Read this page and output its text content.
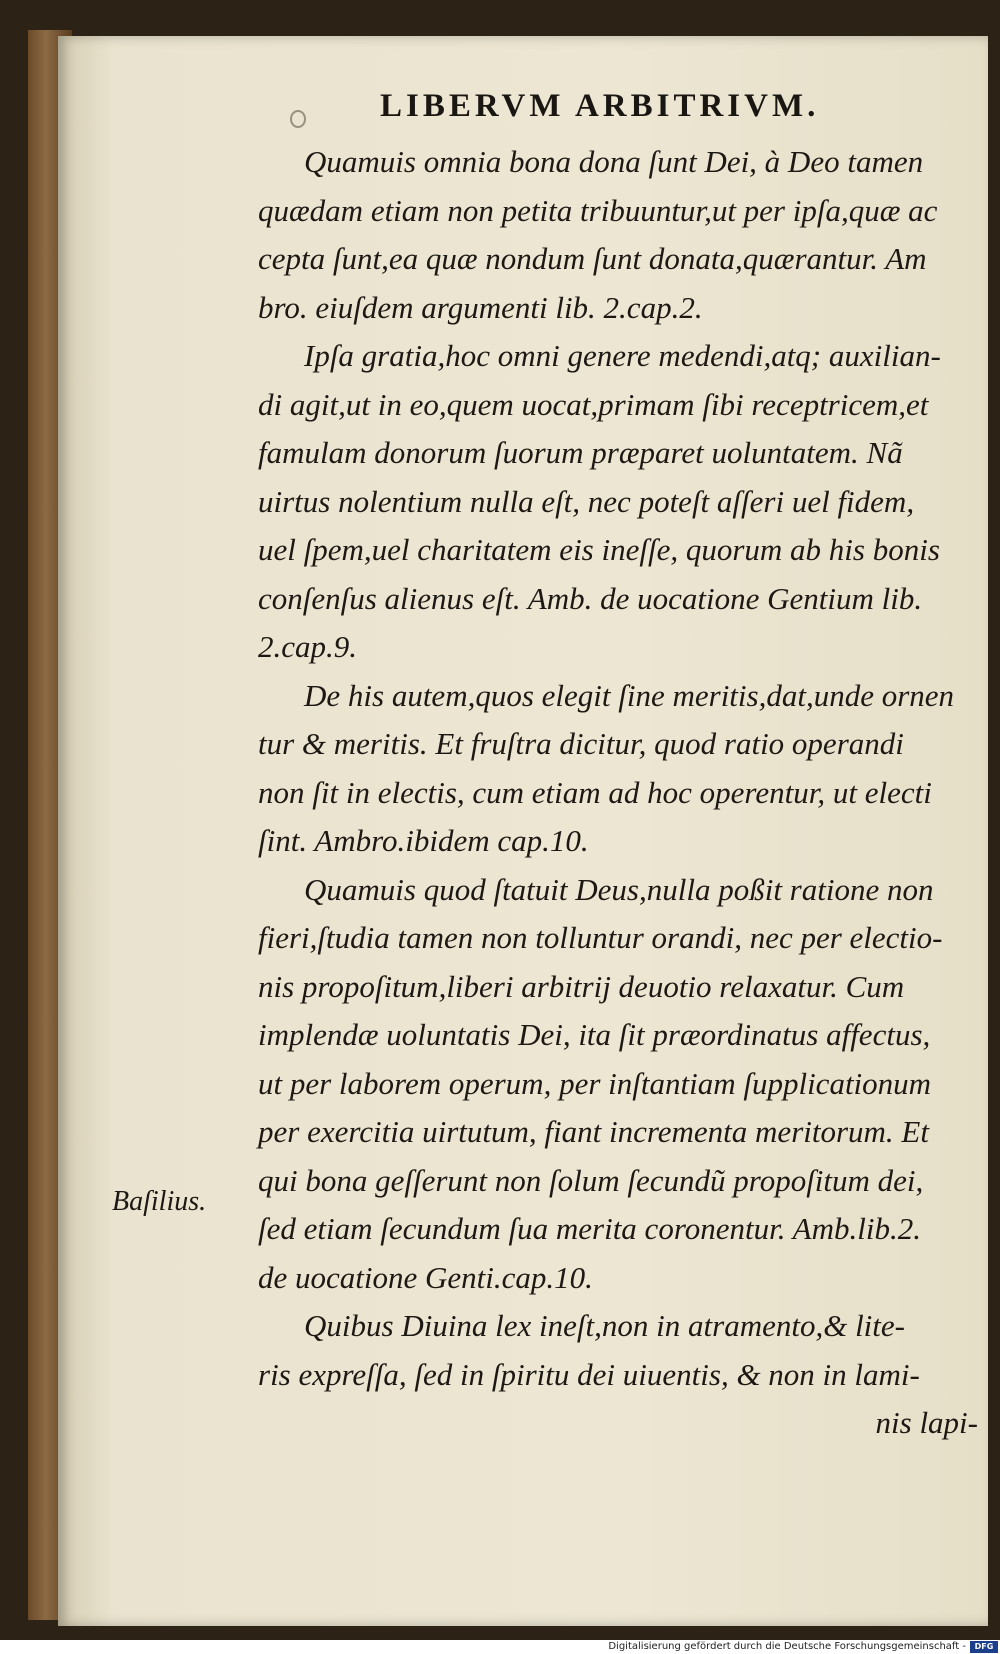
LIBERVM ARBITRIVM.
Quamuis omnia bona dona ſunt Dei, à Deo tamen
quædam etiam non petita tribuuntur,ut per ipſa,quæ ac
cepta ſunt,ea quæ nondum ſunt donata,quærantur. Am
bro. eiuſdem argumenti lib. 2.cap.2.
Ipſa gratia,hoc omni genere medendi,atq; auxilian-
di agit,ut in eo,quem uocat,primam ſibi receptricem,et
famulam donorum ſuorum præparet uoluntatem. Nã
uirtus nolentium nulla eſt, nec poteſt aſſeri uel fidem,
uel ſpem,uel charitatem eis ineſſe, quorum ab his bonis
conſenſus alienus eſt. Amb. de uocatione Gentium lib.
2.cap.9.
De his autem,quos elegit ſine meritis,dat,unde ornen
tur & meritis. Et fruſtra dicitur, quod ratio operandi
non ſit in electis, cum etiam ad hoc operentur, ut electi
ſint. Ambro.ibidem cap.10.
Quamuis quod ſtatuit Deus,nulla poßit ratione non
fieri,ſtudia tamen non tolluntur orandi, nec per electio-
nis propoſitum,liberi arbitrij deuotio relaxatur. Cum
implendæ uoluntatis Dei, ita ſit præordinatus affectus,
ut per laborem operum, per inſtantiam ſupplicationum
per exercitia uirtutum, fiant incrementa meritorum. Et
qui bona geſſerunt non ſolum ſecundũ propoſitum dei,
ſed etiam ſecundum ſua merita coronentur. Amb.lib.2.
de uocatione Genti.cap.10.
Quibus Diuina lex ineſt,non in atramento,& lite-
ris expreſſa, ſed in ſpiritu dei uiuentis, & non in lami-
nis lapi-
Baſilius.
Digitalisierung gefördert durch die Deutsche Forschungsgemeinschaft -	DFG
